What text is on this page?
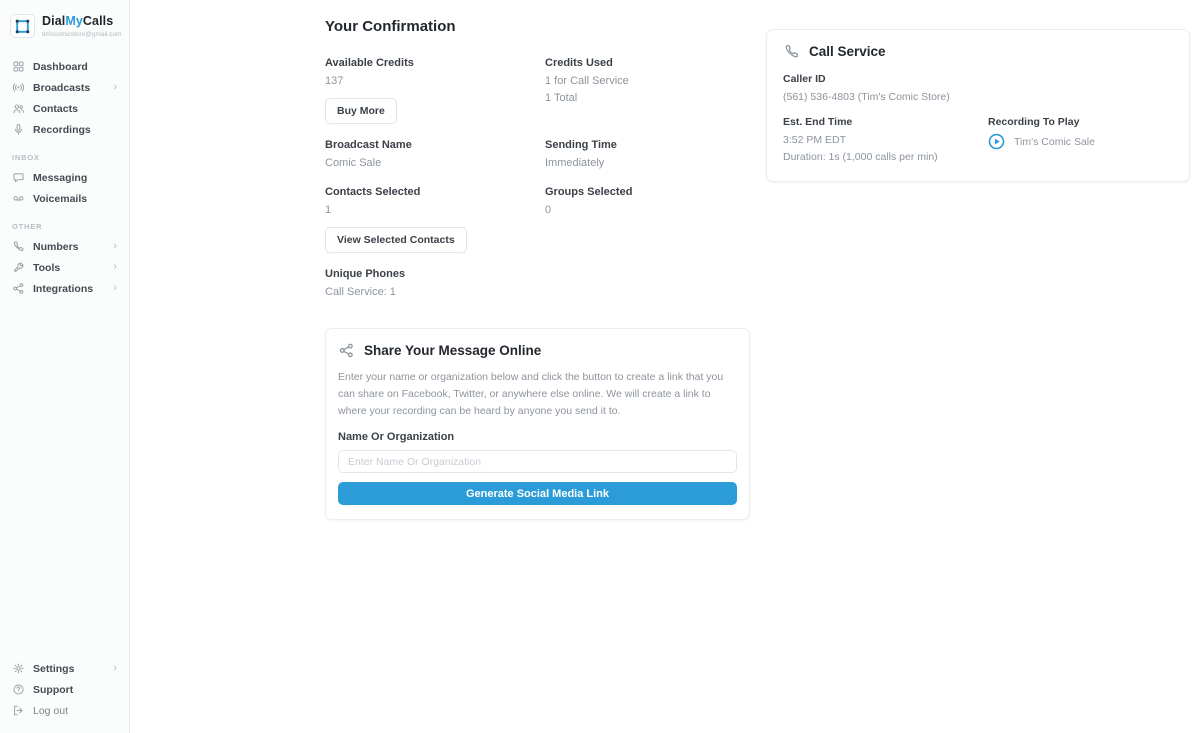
DialMyCalls
timscomicstore@gmail.com
Dashboard
Broadcasts ›
Contacts
Recordings
INBOX
Messaging
Voicemails
OTHER
Numbers	›
Tools	›
Integrations ›
Settings	›
Support
Log out
Your Confirmation
Available Credits
137
Buy More
Credits Used
1 for Call Service
1 Total
Broadcast Name
Comic Sale
Sending Time
Immediately
Contacts Selected
1
View Selected Contacts
Groups Selected
0
Unique Phones
Call Service: 1
Share Your Message Online

Enter your name or organization below and click the button to create a link that you can share on Facebook, Twitter, or anywhere else online. We will create a link to where your recording can be heard by anyone you send it to.

Name Or Organization
Enter Name Or Organization Generate Social Media Link
Call Service
Caller ID
(561) 536-4803 (Tim's Comic Store)
Est. End Time
3:52 PM EDT
Duration: 1s (1,000 calls per min)
Recording To Play
Tim's Comic Sale
